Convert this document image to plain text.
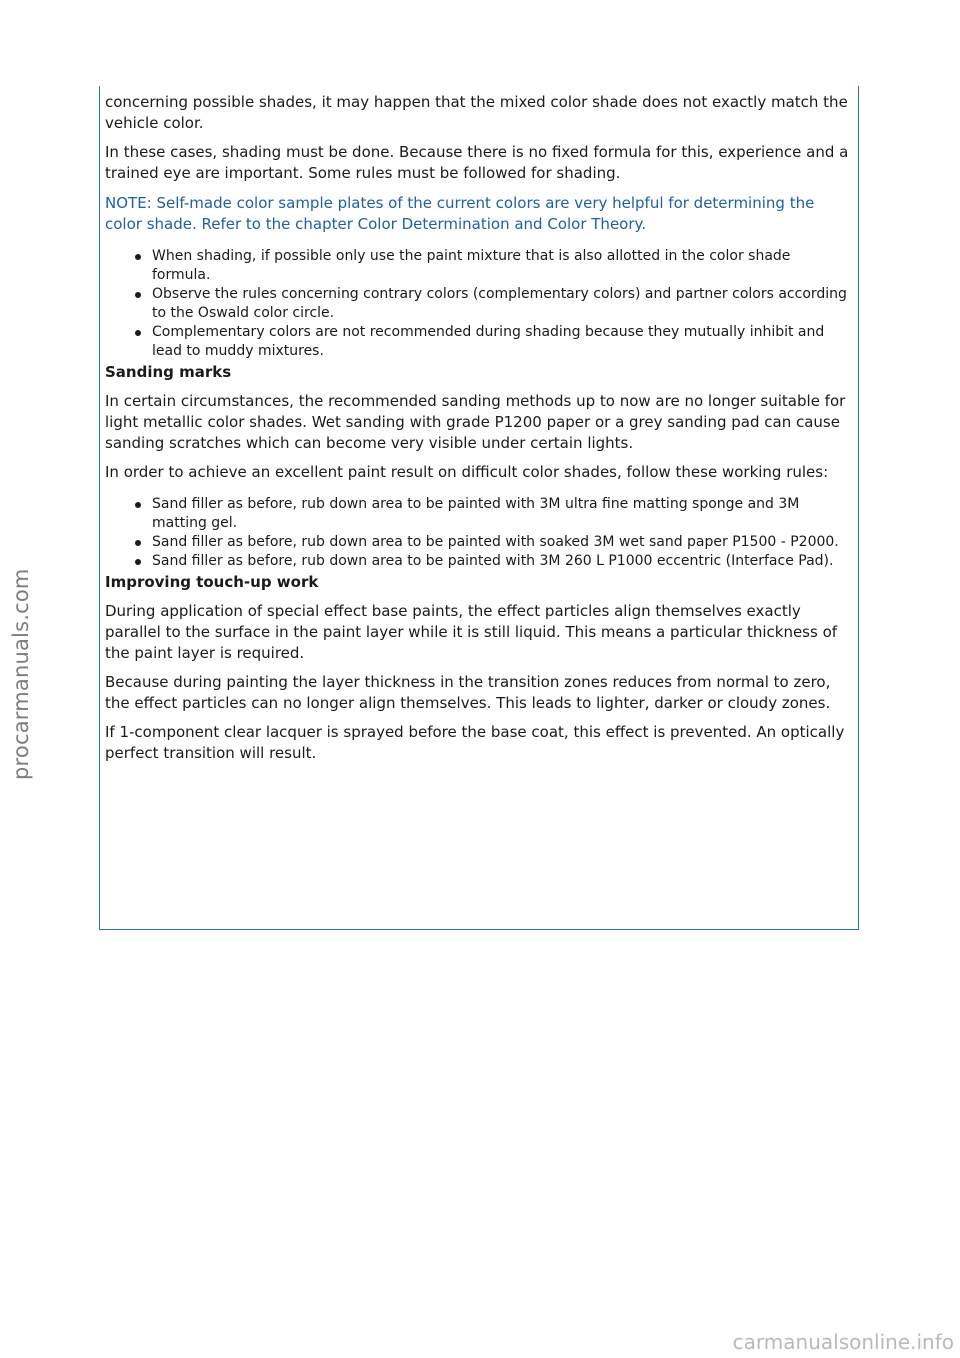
procarmanuals.com

concerning possible shades, it may happen that the mixed color shade does not exactly match the vehicle color.

In these cases, shading must be done. Because there is no fixed formula for this, experience and a trained eye are important. Some rules must be followed for shading.

NOTE: Self-made color sample plates of the current colors are very helpful for determining the color shade. Refer to the chapter Color Determination and Color Theory.

When shading, if possible only use the paint mixture that is also allotted in the color shade formula.
Observe the rules concerning contrary colors (complementary colors) and partner colors according to the Oswald color circle.
Complementary colors are not recommended during shading because they mutually inhibit and lead to muddy mixtures.
Sanding marks

In certain circumstances, the recommended sanding methods up to now are no longer suitable for light metallic color shades. Wet sanding with grade P1200 paper or a grey sanding pad can cause sanding scratches which can become very visible under certain lights.

In order to achieve an excellent paint result on difficult color shades, follow these working rules:

Sand filler as before, rub down area to be painted with 3M ultra fine matting sponge and 3M matting gel.
Sand filler as before, rub down area to be painted with soaked 3M wet sand paper P1500 - P2000.
Sand filler as before, rub down area to be painted with 3M 260 L P1000 eccentric (Interface Pad).
Improving touch-up work

During application of special effect base paints, the effect particles align themselves exactly parallel to the surface in the paint layer while it is still liquid. This means a particular thickness of the paint layer is required.

Because during painting the layer thickness in the transition zones reduces from normal to zero, the effect particles can no longer align themselves. This leads to lighter, darker or cloudy zones.

If 1-component clear lacquer is sprayed before the base coat, this effect is prevented. An optically perfect transition will result.

carmanualsonline.info
